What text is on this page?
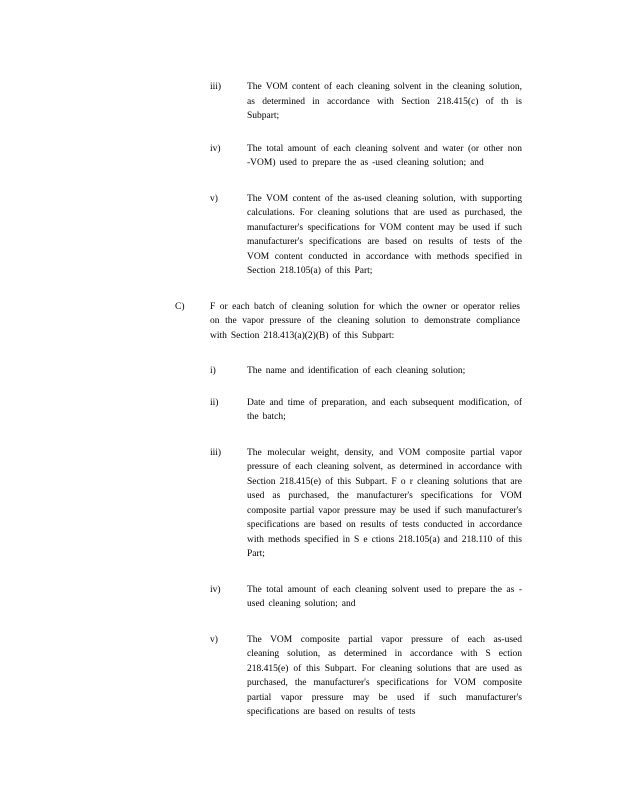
iii)	The VOM content of each cleaning solvent in the cleaning solution, as determined in accordance with Section 218.415(c) of th is Subpart;
iv)	The total amount of each cleaning solvent and water (or other non -VOM) used to prepare the as -used cleaning solution; and
v)	The VOM content of the as-used cleaning solution, with supporting calculations. For cleaning solutions that are used as purchased, the manufacturer's specifications for VOM content may be used if such manufacturer's specifications are based on results of tests of the VOM content conducted in accordance with methods specified in Section 218.105(a) of this Part;
C)	F or each batch of cleaning solution for which the owner or operator relies on the vapor pressure of the cleaning solution to demonstrate compliance with Section 218.413(a)(2)(B) of this Subpart:
i)	The name and identification of each cleaning solution;
ii)	Date and time of preparation, and each subsequent modification, of the batch;
iii)	The molecular weight, density, and VOM composite partial vapor pressure of each cleaning solvent, as determined in accordance with Section 218.415(e) of this Subpart. F o r cleaning solutions that are used as purchased, the manufacturer's specifications for VOM composite partial vapor pressure may be used if such manufacturer's specifications are based on results of tests conducted in accordance with methods specified in S e ctions 218.105(a) and 218.110 of this Part;
iv)	The total amount of each cleaning solvent used to prepare the as -used cleaning solution; and
v)	The VOM composite partial vapor pressure of each as-used cleaning solution, as determined in accordance with S ection 218.415(e) of this Subpart. For cleaning solutions that are used as purchased, the manufacturer's specifications for VOM composite partial vapor pressure may be used if such manufacturer's specifications are based on results of tests
